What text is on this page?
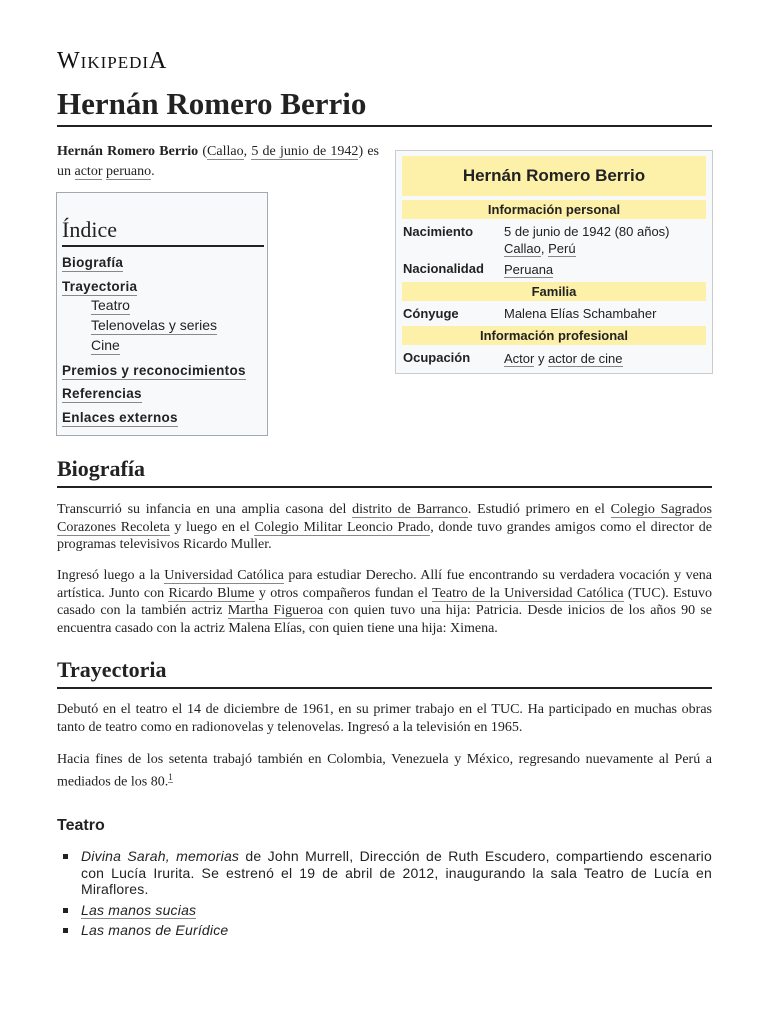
WIKIPEDIA
Hernán Romero Berrio

Hernán Romero Berrio (Callao, 5 de junio de 1942) es un actor peruano.

Índice
Biografía
Trayectoria
Teatro
Telenovelas y series
Cine
Premios y reconocimientos
Referencias
Enlaces externos
Hernán Romero Berrio
Información personal
Nacimiento 5 de junio de 1942 (80 años)
Callao, Perú
Nacionalidad Peruana
Familia
Cónyuge	Malena Elías Schambaher
Información profesional
Ocupación	Actor y actor de cine
Biografía

Transcurrió su infancia en una amplia casona del distrito de Barranco. Estudió primero en el Colegio Sagrados Corazones Recoleta y luego en el Colegio Militar Leoncio Prado, donde tuvo grandes amigos como el director de programas televisivos Ricardo Muller.

Ingresó luego a la Universidad Católica para estudiar Derecho. Allí fue encontrando su verdadera vocación y vena artística. Junto con Ricardo Blume y otros compañeros fundan el Teatro de la Universidad Católica (TUC). Estuvo casado con la también actriz Martha Figueroa con quien tuvo una hija: Patricia. Desde inicios de los años 90 se encuentra casado con la actriz Malena Elías, con quien tiene una hija: Ximena.

Trayectoria

Debutó en el teatro el 14 de diciembre de 1961, en su primer trabajo en el TUC. Ha participado en muchas obras tanto de teatro como en radionovelas y telenovelas. Ingresó a la televisión en 1965.

Hacia fines de los setenta trabajó también en Colombia, Venezuela y México, regresando nuevamente al Perú a mediados de los 80.$^1$

Teatro
Divina Sarah, memorias de John Murrell, Dirección de Ruth Escudero, compartiendo escenario con Lucía Irurita. Se estrenó el 19 de abril de 2012, inaugurando la sala Teatro de Lucía en Miraflores.
Las manos sucias
Las manos de Eurídice
